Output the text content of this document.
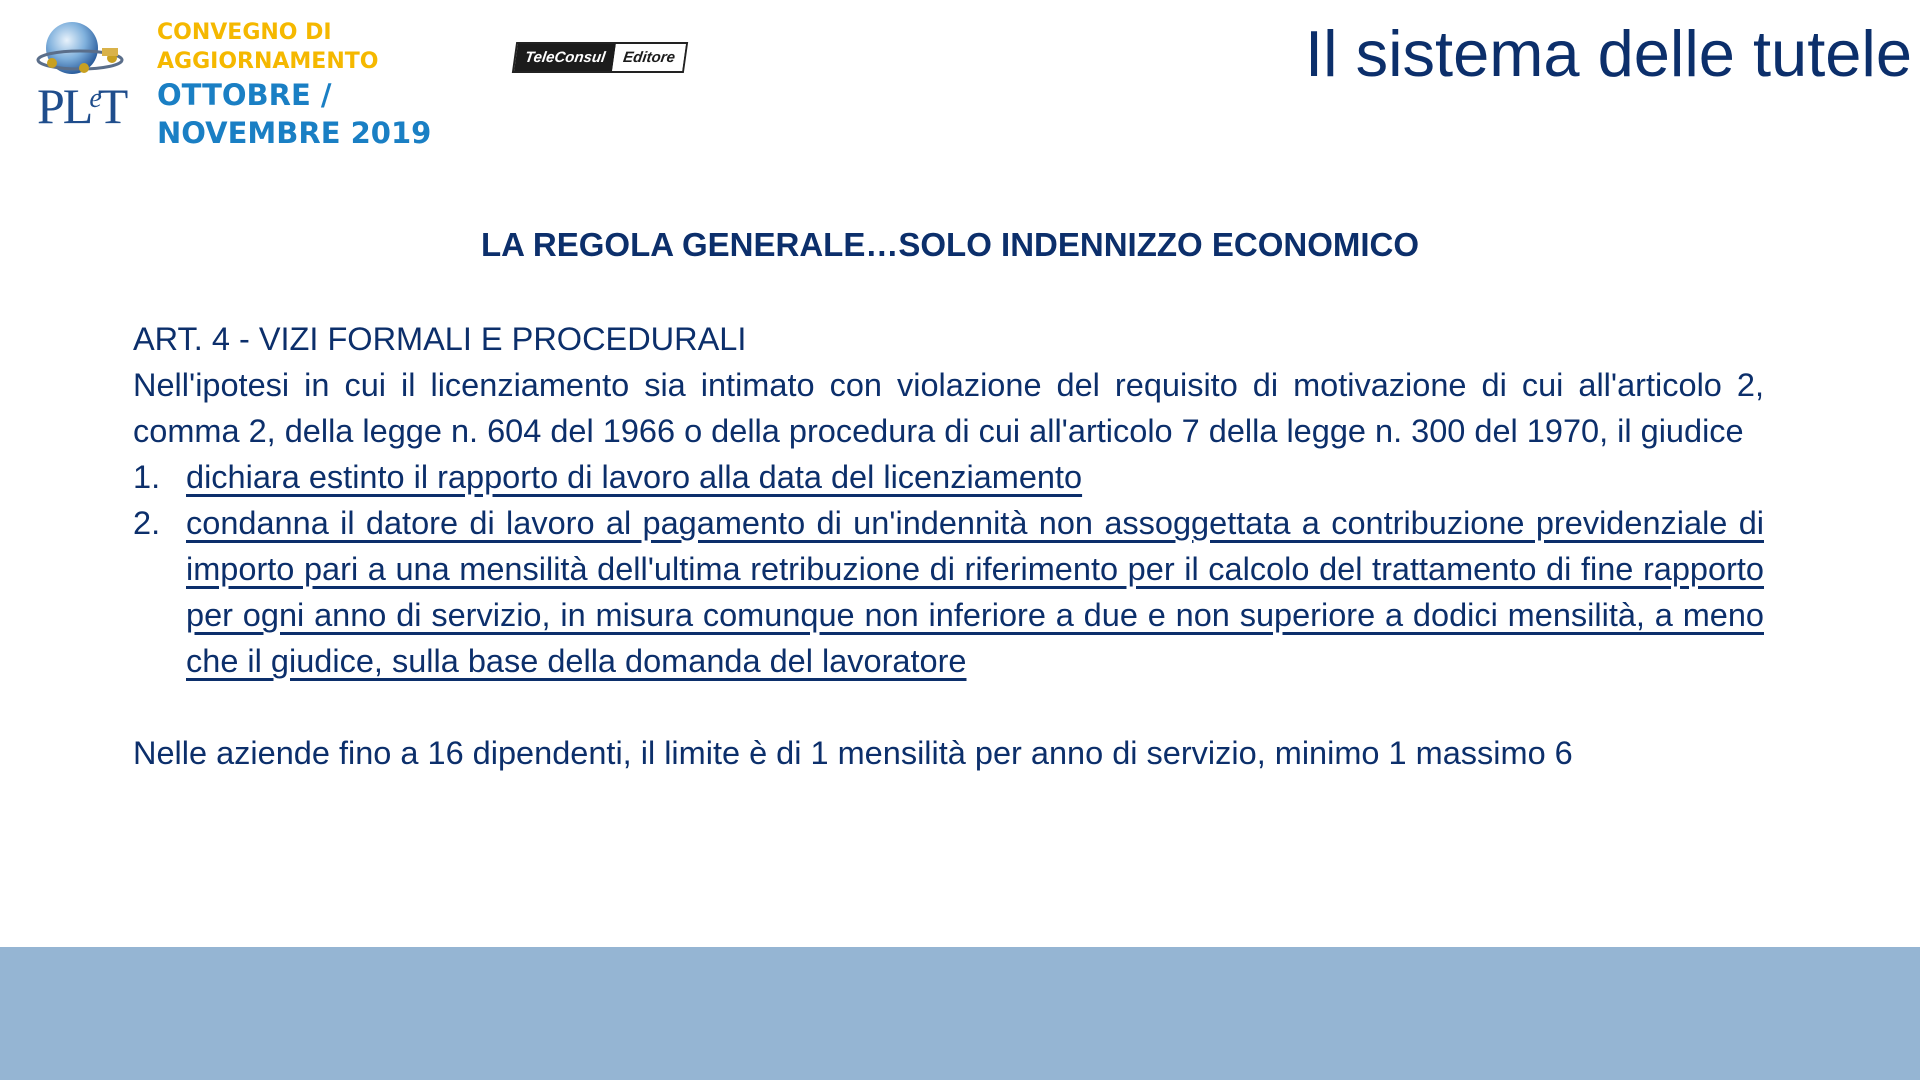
PLeT
CONVEGNO DI
AGGIORNAMENTO
OTTOBRE /
NOVEMBRE 2019
TeleConsul	Editore	Il sistema delle tutele
LA REGOLA GENERALE…SOLO INDENNIZZO ECONOMICO
ART. 4 - VIZI FORMALI E PROCEDURALI
Nell'ipotesi in cui il licenziamento sia intimato con violazione del requisito di motivazione di cui all'articolo 2, comma 2, della legge n. 604 del 1966 o della procedura di cui all'articolo 7 della legge n. 300 del 1970, il giudice
1. dichiara estinto il rapporto di lavoro alla data del licenziamento
2. condanna il datore di lavoro al pagamento di un'indennità non assoggettata a contribuzione previdenziale di importo pari a una mensilità dell'ultima retribuzione di riferimento per il calcolo del trattamento di fine rapporto per ogni anno di servizio, in misura comunque non inferiore a due e non superiore a dodici mensilità, a meno che il giudice, sulla base della domanda del lavoratore
Nelle aziende fino a 16 dipendenti, il limite è di 1 mensilità per anno di servizio, minimo 1 massimo 6
